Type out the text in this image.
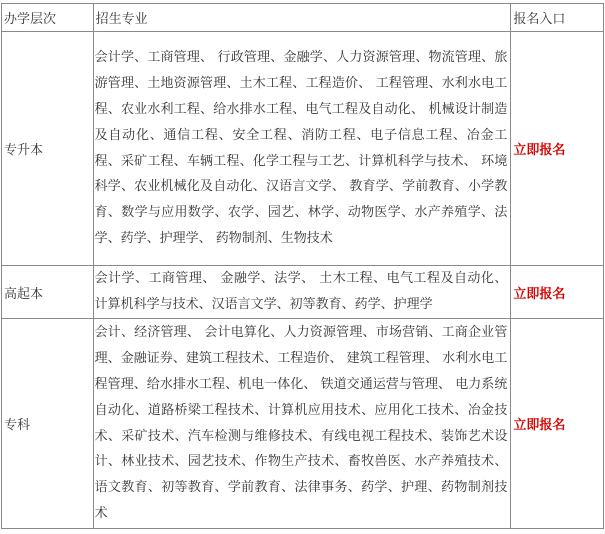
办学层次	招生专业	报名入口
专升本	会计学、工商管理、 行政管理、金融学、人力资源管理、物流管理、旅游管理、土地资源管理、土木工程、工程造价、 工程管理、水利水电工程、农业水利工程、给水排水工程、电气工程及自动化、 机械设计制造及自动化、通信工程、安全工程、消防工程、电子信息工程、冶金工程、采矿工程、车辆工程、化学工程与工艺、计算机科学与技术、 环境科学、农业机械化及自动化、汉语言文学、 教育学、学前教育、小学教育、数学与应用数学、农学、园艺、林学、动物医学、水产养殖学、法学、药学、护理学、 药物制剂、生物技术	立即报名
高起本	会计学、工商管理、 金融学、法学、 土木工程、电气工程及自动化、 计算机科学与技术、汉语言文学、初等教育、药学、护理学	立即报名
专科	会计、经济管理、 会计电算化、人力资源管理、市场营销、工商企业管理、金融证券、建筑工程技术、工程造价、 建筑工程管理、 水利水电工程管理、给水排水工程、机电一体化、 铁道交通运营与管理、 电力系统自动化、道路桥梁工程技术、计算机应用技术、应用化工技术、冶金技术、采矿技术、汽车检测与维修技术、有线电视工程技术、装饰艺术设计、林业技术、园艺技术、作物生产技术、畜牧兽医、水产养殖技术、语文教育、初等教育、学前教育、法律事务、药学、护理、药物制剂技术	立即报名
